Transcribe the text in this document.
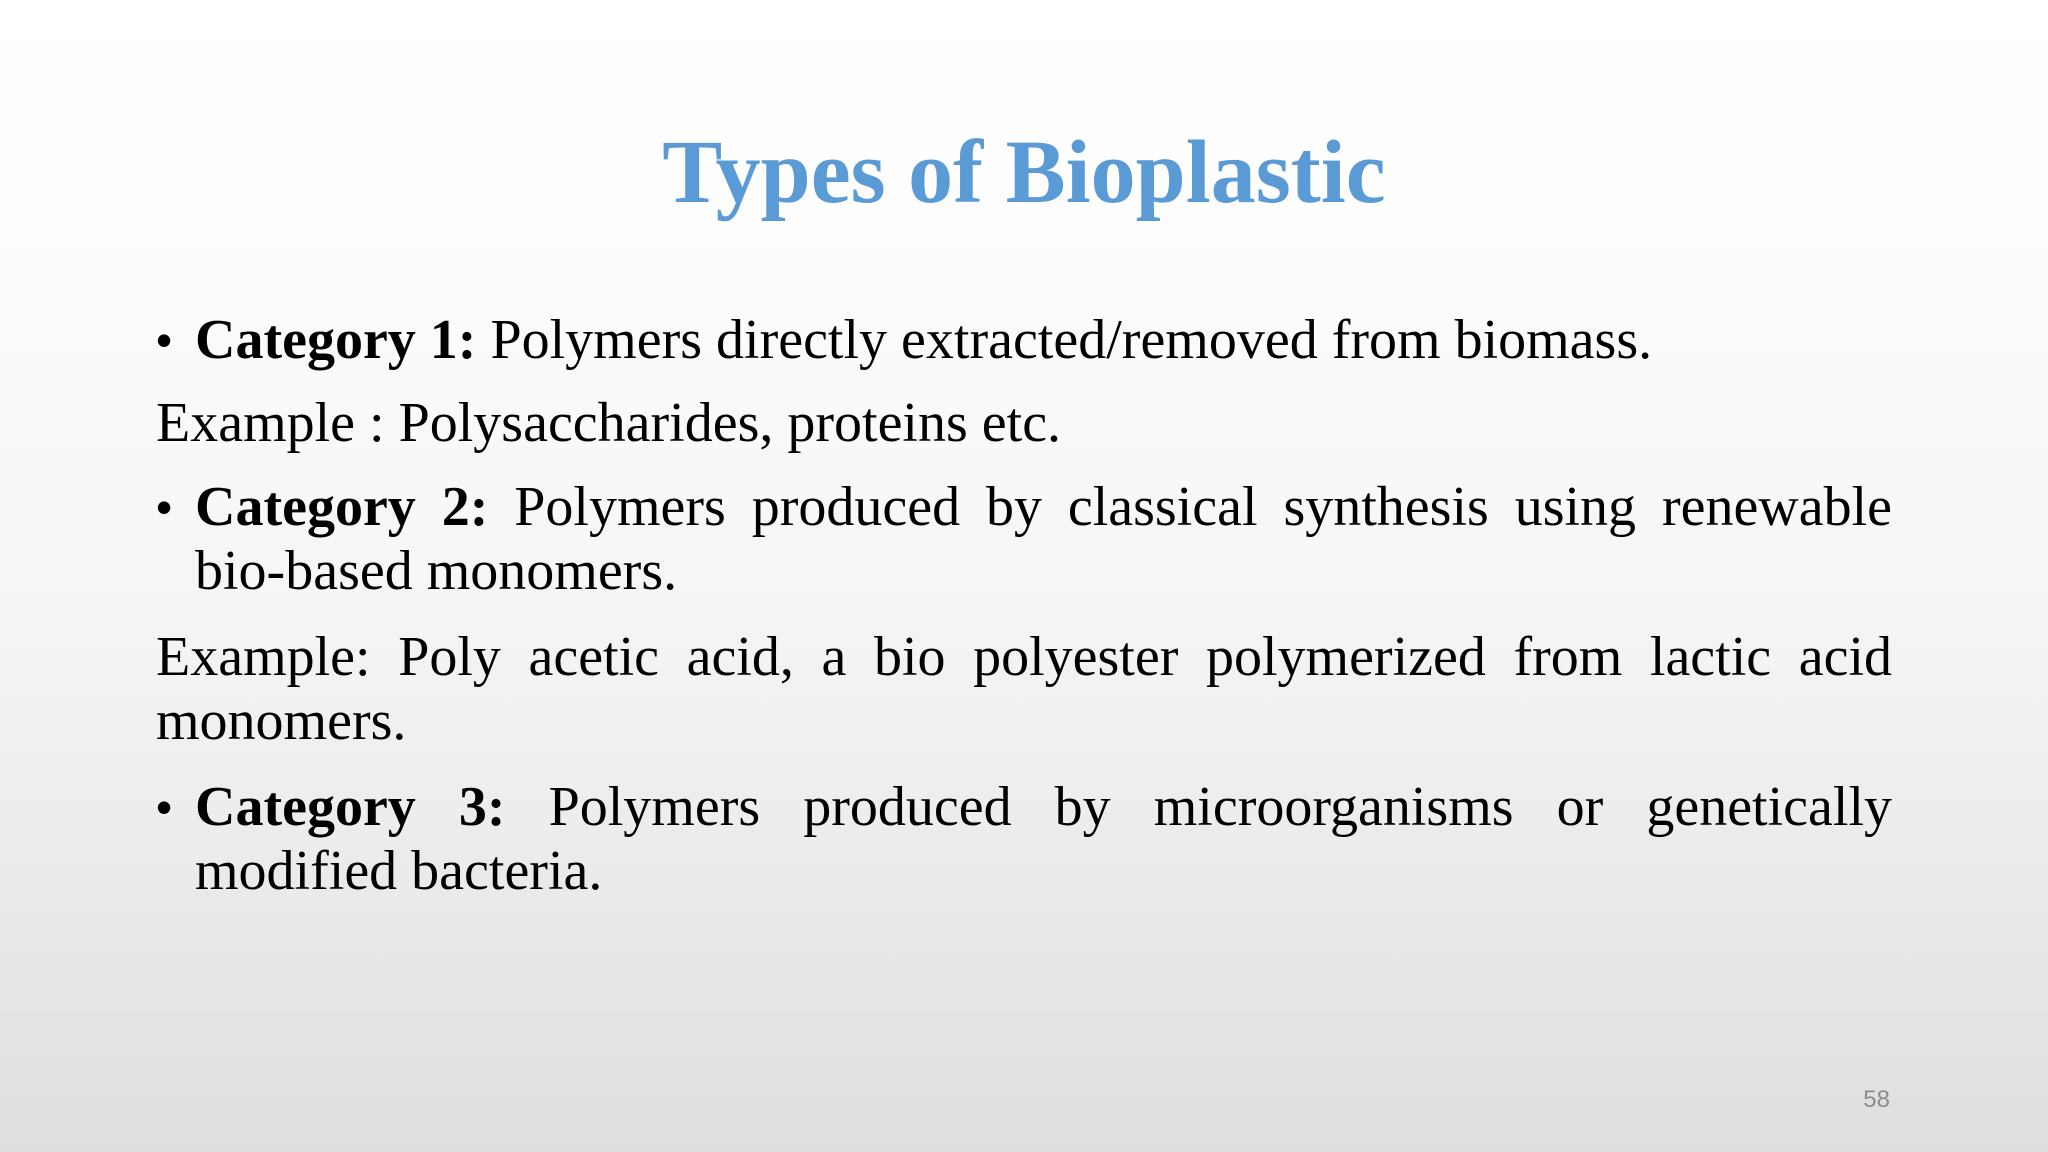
Types of Bioplastic

• Category 1: Polymers directly extracted/removed from biomass.

Example : Polysaccharides, proteins etc.

• Category 2: Polymers produced by classical synthesis using renewable bio-based monomers.

Example: Poly acetic acid, a bio polyester polymerized from lactic acid monomers.

• Category 3: Polymers produced by microorganisms or genetically modified bacteria.

58
